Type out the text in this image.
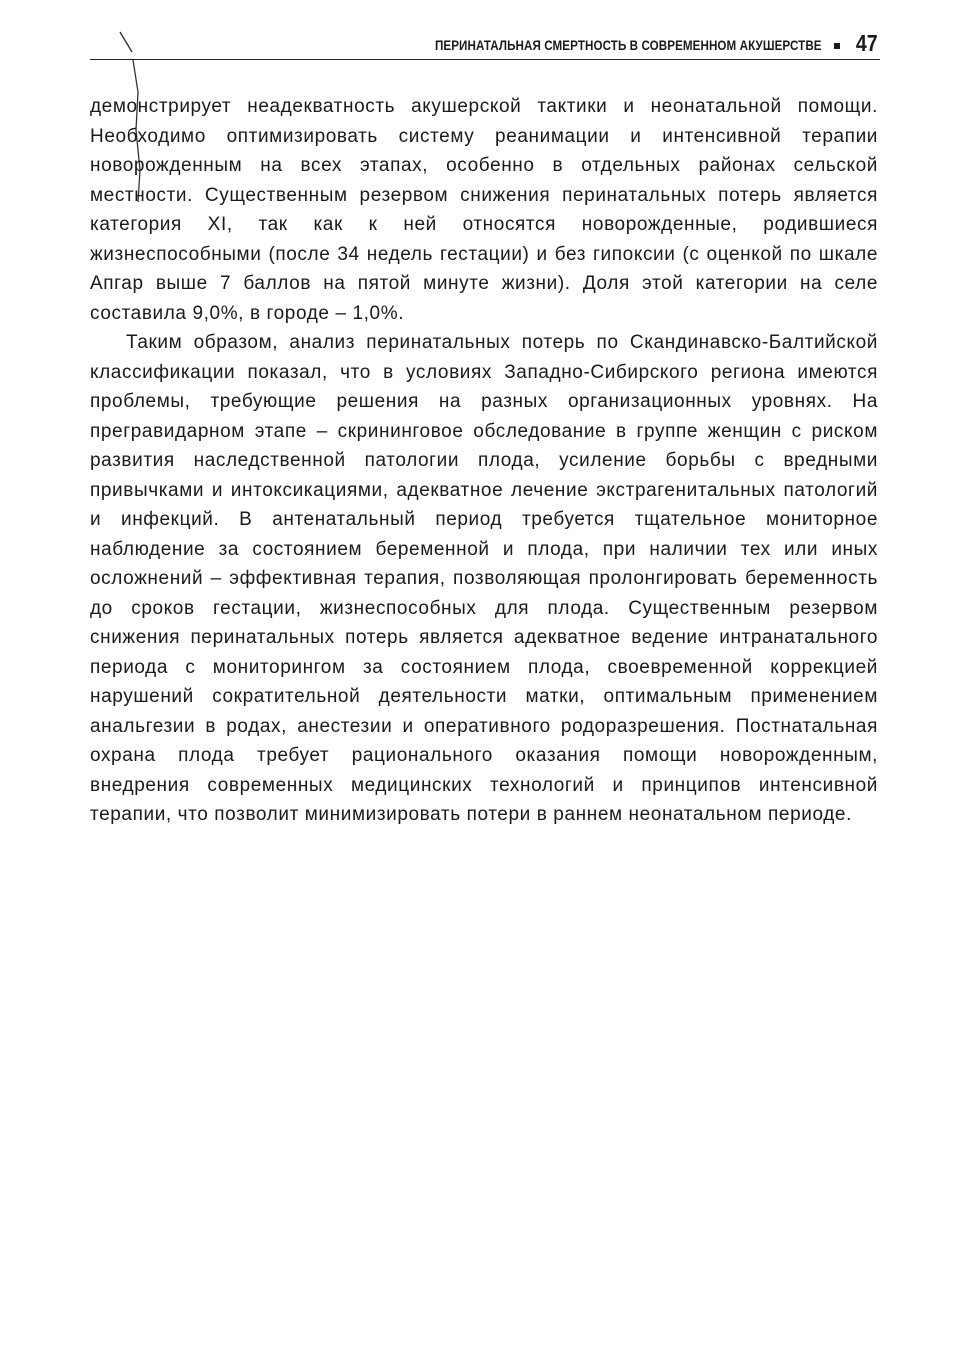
ПЕРИНАТАЛЬНАЯ СМЕРТНОСТЬ В СОВРЕМЕННОМ АКУШЕРСТВЕ 47

демонстрирует неадекватность акушерской тактики и неонатальной помощи. Необходимо оптимизировать систему реанимации и интенсивной терапии новорожденным на всех этапах, особенно в отдельных районах сельской местности. Существенным резервом снижения перинатальных потерь является категория XI, так как к ней относятся новорожденные, родившиеся жизнеспособными (после 34 недель гестации) и без гипоксии (с оценкой по шкале Апгар выше 7 баллов на пятой минуте жизни). Доля этой категории на селе составила 9,0%, в городе – 1,0%.

Таким образом, анализ перинатальных потерь по Скандинавско-Балтийской классификации показал, что в условиях Западно-Сибирского региона имеются проблемы, требующие решения на разных организационных уровнях. На прегравидарном этапе – скрининговое обследование в группе женщин с риском развития наследственной патологии плода, усиление борьбы с вредными привычками и интоксикациями, адекватное лечение экстрагенитальных патологий и инфекций. В антенатальный период требуется тщательное мониторное наблюдение за состоянием беременной и плода, при наличии тех или иных осложнений – эффективная терапия, позволяющая пролонгировать беременность до сроков гестации, жизнеспособных для плода. Существенным резервом снижения перинатальных потерь является адекватное ведение интранатального периода с мониторингом за состоянием плода, своевременной коррекцией нарушений сократительной деятельности матки, оптимальным применением анальгезии в родах, анестезии и оперативного родоразрешения. Постнатальная охрана плода требует рационального оказания помощи новорожденным, внедрения современных медицинских технологий и принципов интенсивной терапии, что позволит минимизировать потери в раннем неонатальном периоде.
